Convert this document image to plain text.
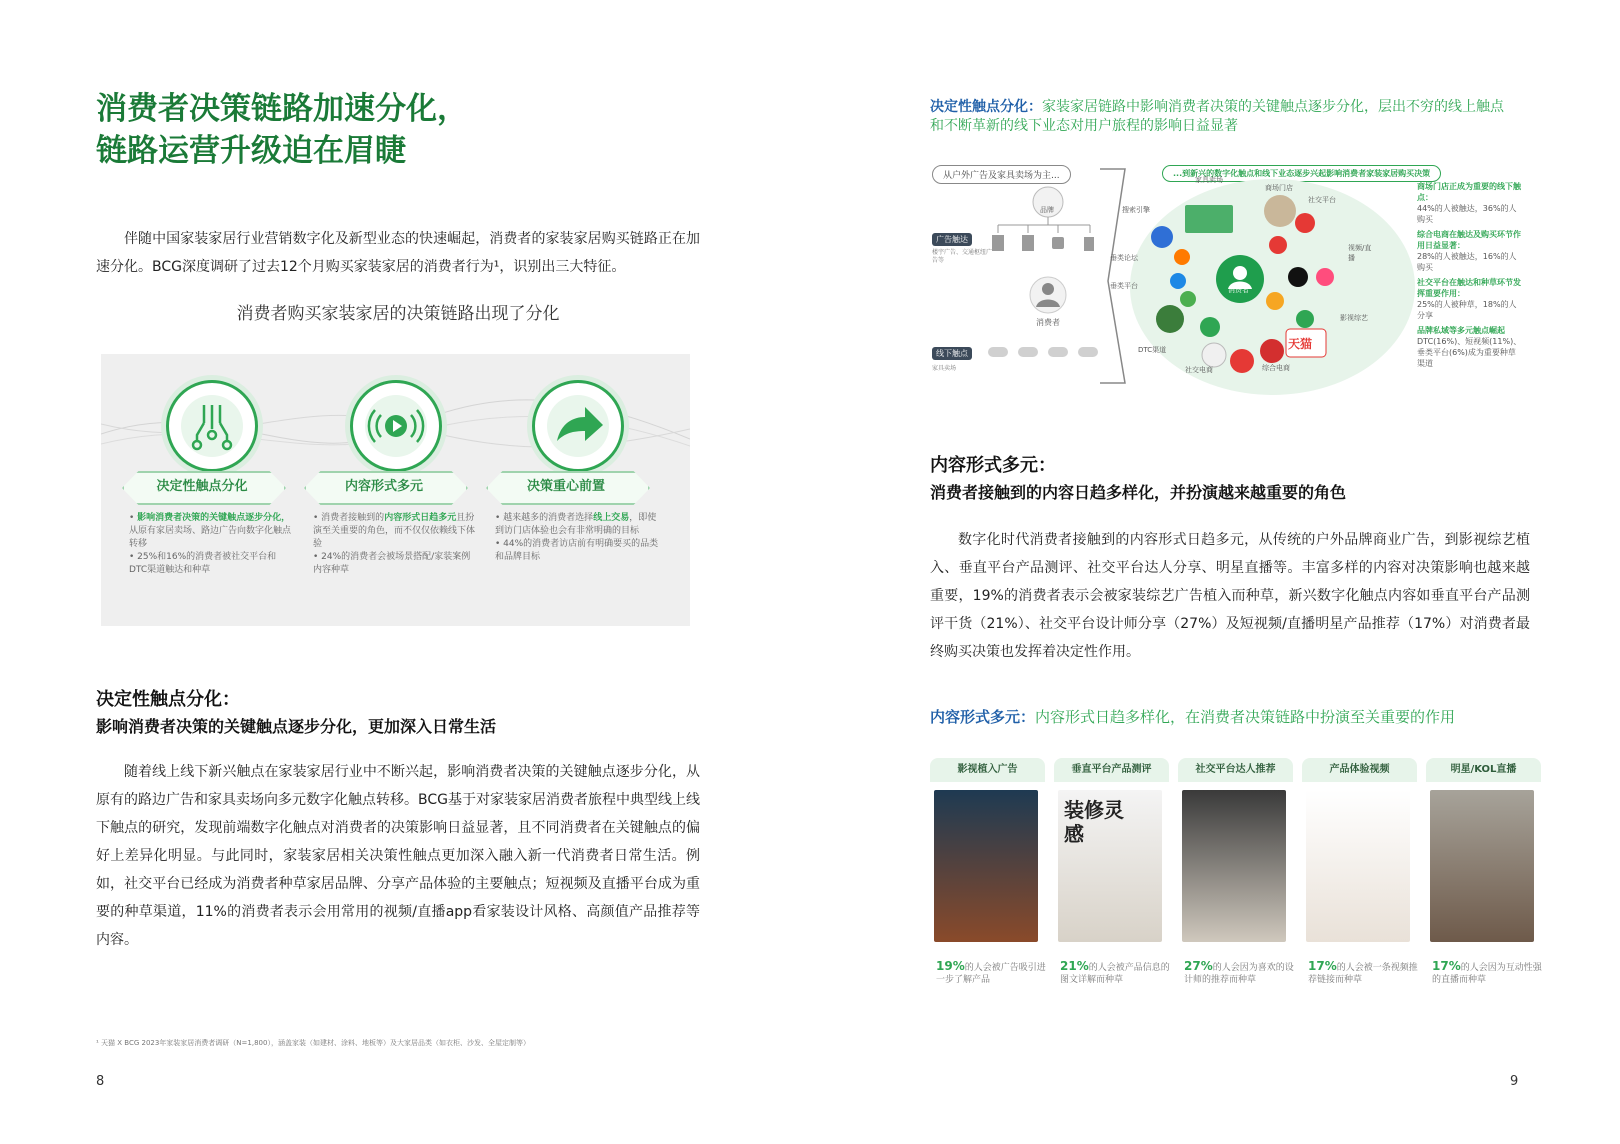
消费者决策链路加速分化，
链路运营升级迫在眉睫
伴随中国家装家居行业营销数字化及新型业态的快速崛起，消费者的家装家居购买链路正在加速分化。BCG深度调研了过去12个月购买家装家居的消费者行为¹，识别出三大特征。
消费者购买家装家居的决策链路出现了分化
决定性触点分化
• 影响消费者决策的关键触点逐步分化，从原有家居卖场、路边广告向数字化触点转移
• 25%和16%的消费者被社交平台和DTC渠道触达和种草
内容形式多元
• 消费者接触到的内容形式日趋多元且扮演至关重要的角色，而不仅仅依赖线下体验
• 24%的消费者会被场景搭配/家装案例内容种草
决策重心前置
• 越来越多的消费者选择线上交易，即使到访门店体验也会有非常明确的目标
• 44%的消费者访店前有明确要买的品类和品牌目标
决定性触点分化：
影响消费者决策的关键触点逐步分化，更加深入日常生活
随着线上线下新兴触点在家装家居行业中不断兴起，影响消费者决策的关键触点逐步分化，从原有的路边广告和家具卖场向多元数字化触点转移。BCG基于对家装家居消费者旅程中典型线上线下触点的研究，发现前端数字化触点对消费者的决策影响日益显著，且不同消费者在关键触点的偏好上差异化明显。与此同时，家装家居相关决策性触点更加深入融入新一代消费者日常生活。例如，社交平台已经成为消费者种草家居品牌、分享产品体验的主要触点；短视频及直播平台成为重要的种草渠道，11%的消费者表示会用常用的视频/直播app看家装设计风格、高颜值产品推荐等内容。
¹ 天猫 X BCG 2023年家装家居消费者调研（N=1,800），涵盖家装（如建材、涂料、地板等）及大家居品类（如衣柜、沙发、全屋定制等）
8
决定性触点分化：家装家居链路中影响消费者决策的关键触点逐步分化，层出不穷的线上触点和不断革新的线下业态对用户旅程的影响日益显著
从户外广告及家具卖场为主...	...到新兴的数字化触点和线下业态逐步兴起影响消费者家装家居购买决策
品牌
广告触达
楼宇广告、交通枢纽广告等
消费者
线下触点
家具卖场
天猫
消费者
家具卖场
商场门店
社交平台
搜索引擎
垂类论坛
垂类平台
视频/直播
影视综艺
DTC渠道
社交电商	综合电商
商场门店正成为重要的线下触点：
44%的人被触达，36%的人购买
综合电商在触达及购买环节作用日益显著：
28%的人被触达，16%的人购买
社交平台在触达和种草环节发挥重要作用：
25%的人被种草，18%的人分享
品牌私域等多元触点崛起
DTC(16%)、短视频(11%)、垂类平台(6%)成为重要种草渠道
内容形式多元：
消费者接触到的内容日趋多样化，并扮演越来越重要的角色
数字化时代消费者接触到的内容形式日趋多元，从传统的户外品牌商业广告，到影视综艺植入、垂直平台产品测评、社交平台达人分享、明星直播等。丰富多样的内容对决策影响也越来越重要，19%的消费者表示会被家装综艺广告植入而种草，新兴数字化触点内容如垂直平台产品测评干货（21%）、社交平台设计师分享（27%）及短视频/直播明星产品推荐（17%）对消费者最终购买决策也发挥着决定性作用。
内容形式多元：内容形式日趋多样化，在消费者决策链路中扮演至关重要的作用
影视植入广告
19%的人会被广告吸引进一步了解产品
垂直平台产品测评
装修灵感
21%的人会被产品信息的图文详解而种草
社交平台达人推荐
27%的人会因为喜欢的设计师的推荐而种草
产品体验视频
17%的人会被一条视频推荐链接而种草
明星/KOL直播
17%的人会因为互动性强的直播而种草
9
